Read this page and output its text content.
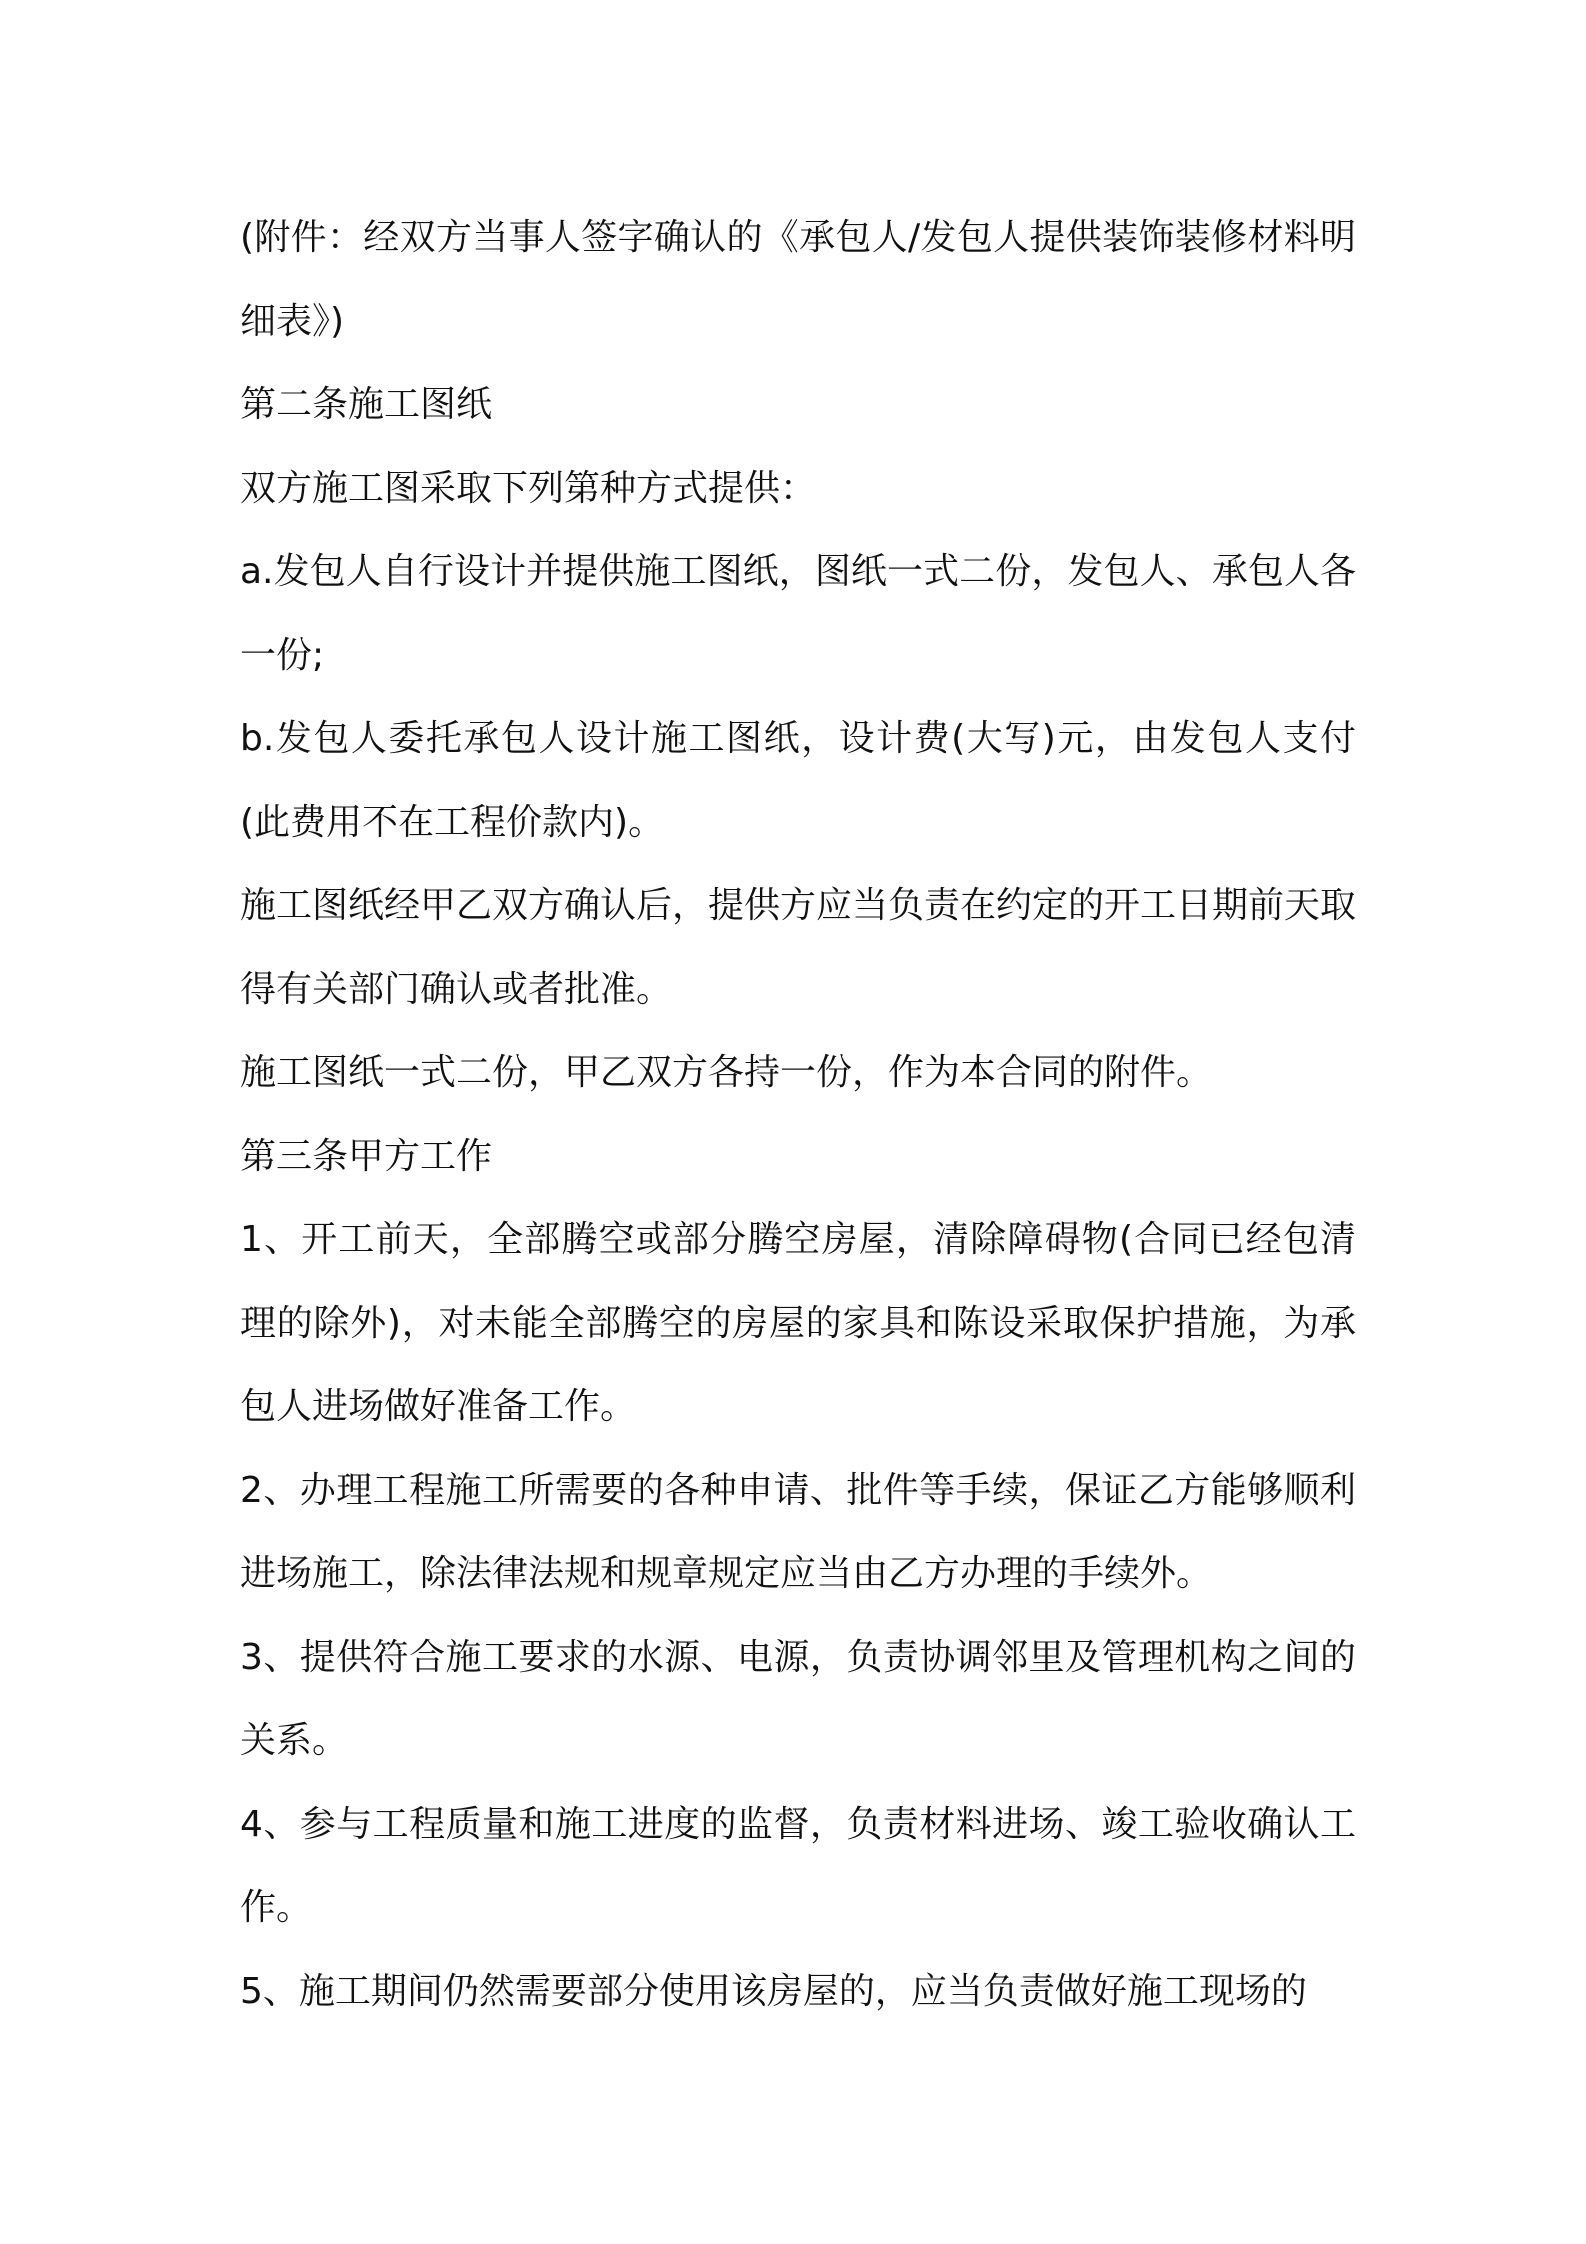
(附件：经双方当事人签字确认的《承包人/发包人提供装饰装修材料明细表》)

第二条施工图纸

双方施工图采取下列第种方式提供：

a.发包人自行设计并提供施工图纸，图纸一式二份，发包人、承包人各一份;

b.发包人委托承包人设计施工图纸，设计费(大写)元，由发包人支付(此费用不在工程价款内)。

施工图纸经甲乙双方确认后，提供方应当负责在约定的开工日期前天取得有关部门确认或者批准。

施工图纸一式二份，甲乙双方各持一份，作为本合同的附件。

第三条甲方工作

1、开工前天，全部腾空或部分腾空房屋，清除障碍物(合同已经包清理的除外)，对未能全部腾空的房屋的家具和陈设采取保护措施，为承包人进场做好准备工作。

2、办理工程施工所需要的各种申请、批件等手续，保证乙方能够顺利进场施工，除法律法规和规章规定应当由乙方办理的手续外。

3、提供符合施工要求的水源、电源，负责协调邻里及管理机构之间的关系。

4、参与工程质量和施工进度的监督，负责材料进场、竣工验收确认工作。

5、施工期间仍然需要部分使用该房屋的，应当负责做好施工现场的
